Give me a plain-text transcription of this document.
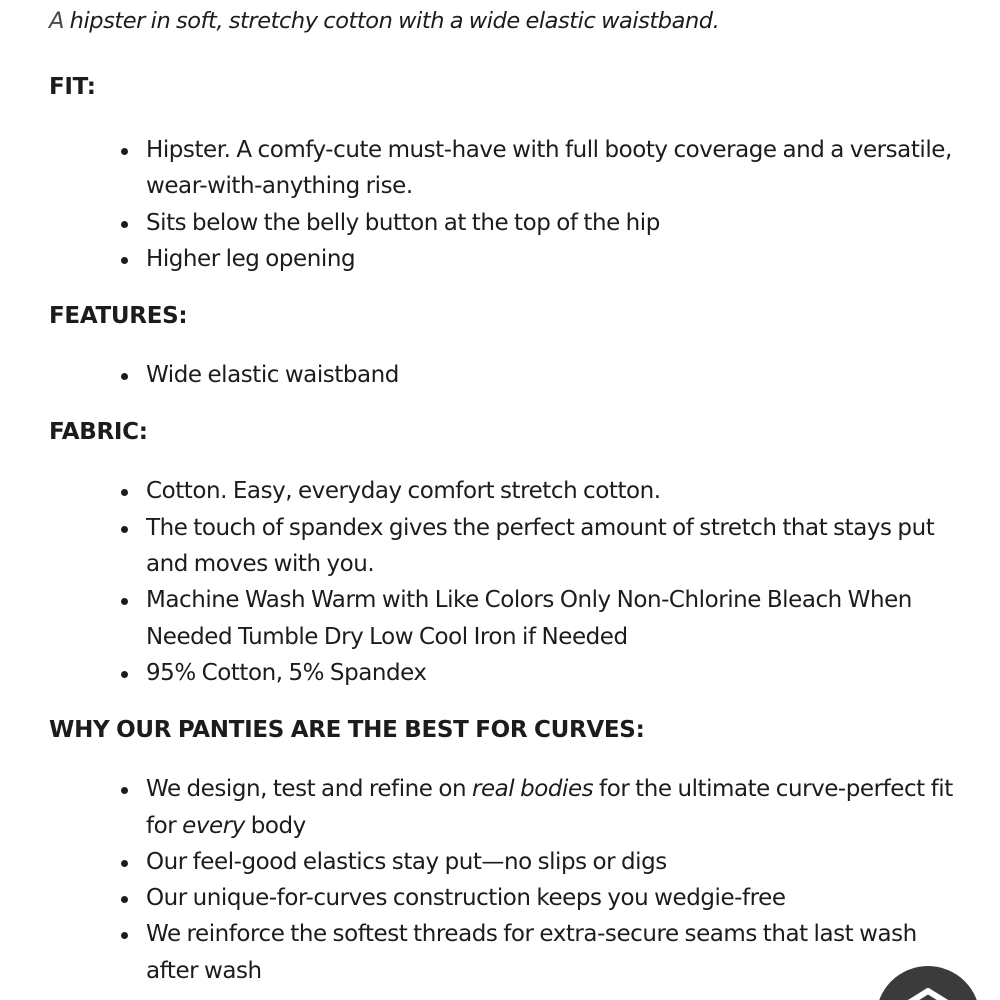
A hipster in soft, stretchy cotton with a wide elastic waistband.

FIT:
Hipster. A comfy-cute must-have with full booty coverage and a versatile, wear-with-anything rise.
Sits below the belly button at the top of the hip
Higher leg opening
FEATURES:
Wide elastic waistband
FABRIC:
Cotton. Easy, everyday comfort stretch cotton.
The touch of spandex gives the perfect amount of stretch that stays put and moves with you.
Machine Wash Warm with Like Colors Only Non-Chlorine Bleach When Needed Tumble Dry Low Cool Iron if Needed
95% Cotton, 5% Spandex
WHY OUR PANTIES ARE THE BEST FOR CURVES:
We design, test and refine on real bodies for the ultimate curve-perfect fit for every body
Our feel-good elastics stay put—no slips or digs
Our unique-for-curves construction keeps you wedgie-free
We reinforce the softest threads for extra-secure seams that last wash after wash
